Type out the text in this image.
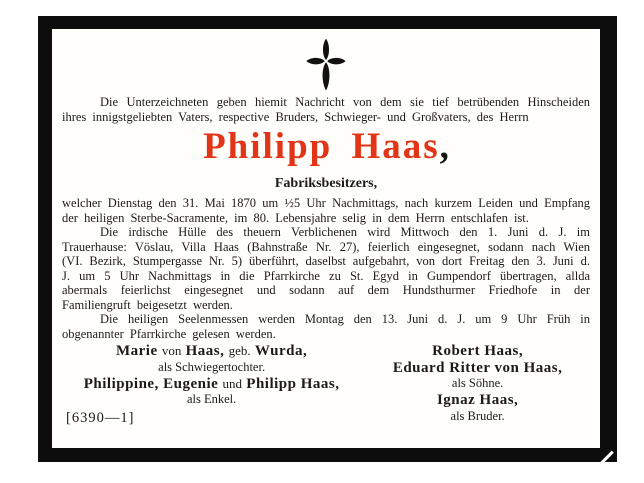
Die Unterzeichneten geben hiemit Nachricht von dem sie tief betrübenden Hinscheiden ihres innigstgeliebten Vaters, respective Bruders, Schwieger- und Großvaters, des Herrn

Philipp Haas,
Fabriksbesitzers,

welcher Dienstag den 31. Mai 1870 um ½5 Uhr Nachmittags, nach kurzem Leiden und Empfang der heiligen Sterbe-Sacramente, im 80. Lebensjahre selig in dem Herrn entschlafen ist.

Die irdische Hülle des theuern Verblichenen wird Mittwoch den 1. Juni d. J. im Trauerhause: Vöslau, Villa Haas (Bahnstraße Nr. 27), feierlich eingesegnet, sodann nach Wien (VI. Bezirk, Stumpergasse Nr. 5) überführt, daselbst aufgebahrt, von dort Freitag den 3. Juni d. J. um 5 Uhr Nachmittags in die Pfarrkirche zu St. Egyd in Gumpendorf übertragen, allda abermals feierlichst eingesegnet und sodann auf dem Hundsthurmer Friedhofe in der Familiengruft beigesetzt werden.

Die heiligen Seelenmessen werden Montag den 13. Juni d. J. um 9 Uhr Früh in obgenannter Pfarrkirche gelesen werden.

Marie von Haas, geb. Wurda,
als Schwiegertochter.
Philippine, Eugenie und Philipp Haas,
als Enkel.
[6390—1]
Robert Haas,
Eduard Ritter von Haas,
als Söhne.
Ignaz Haas,
als Bruder.
